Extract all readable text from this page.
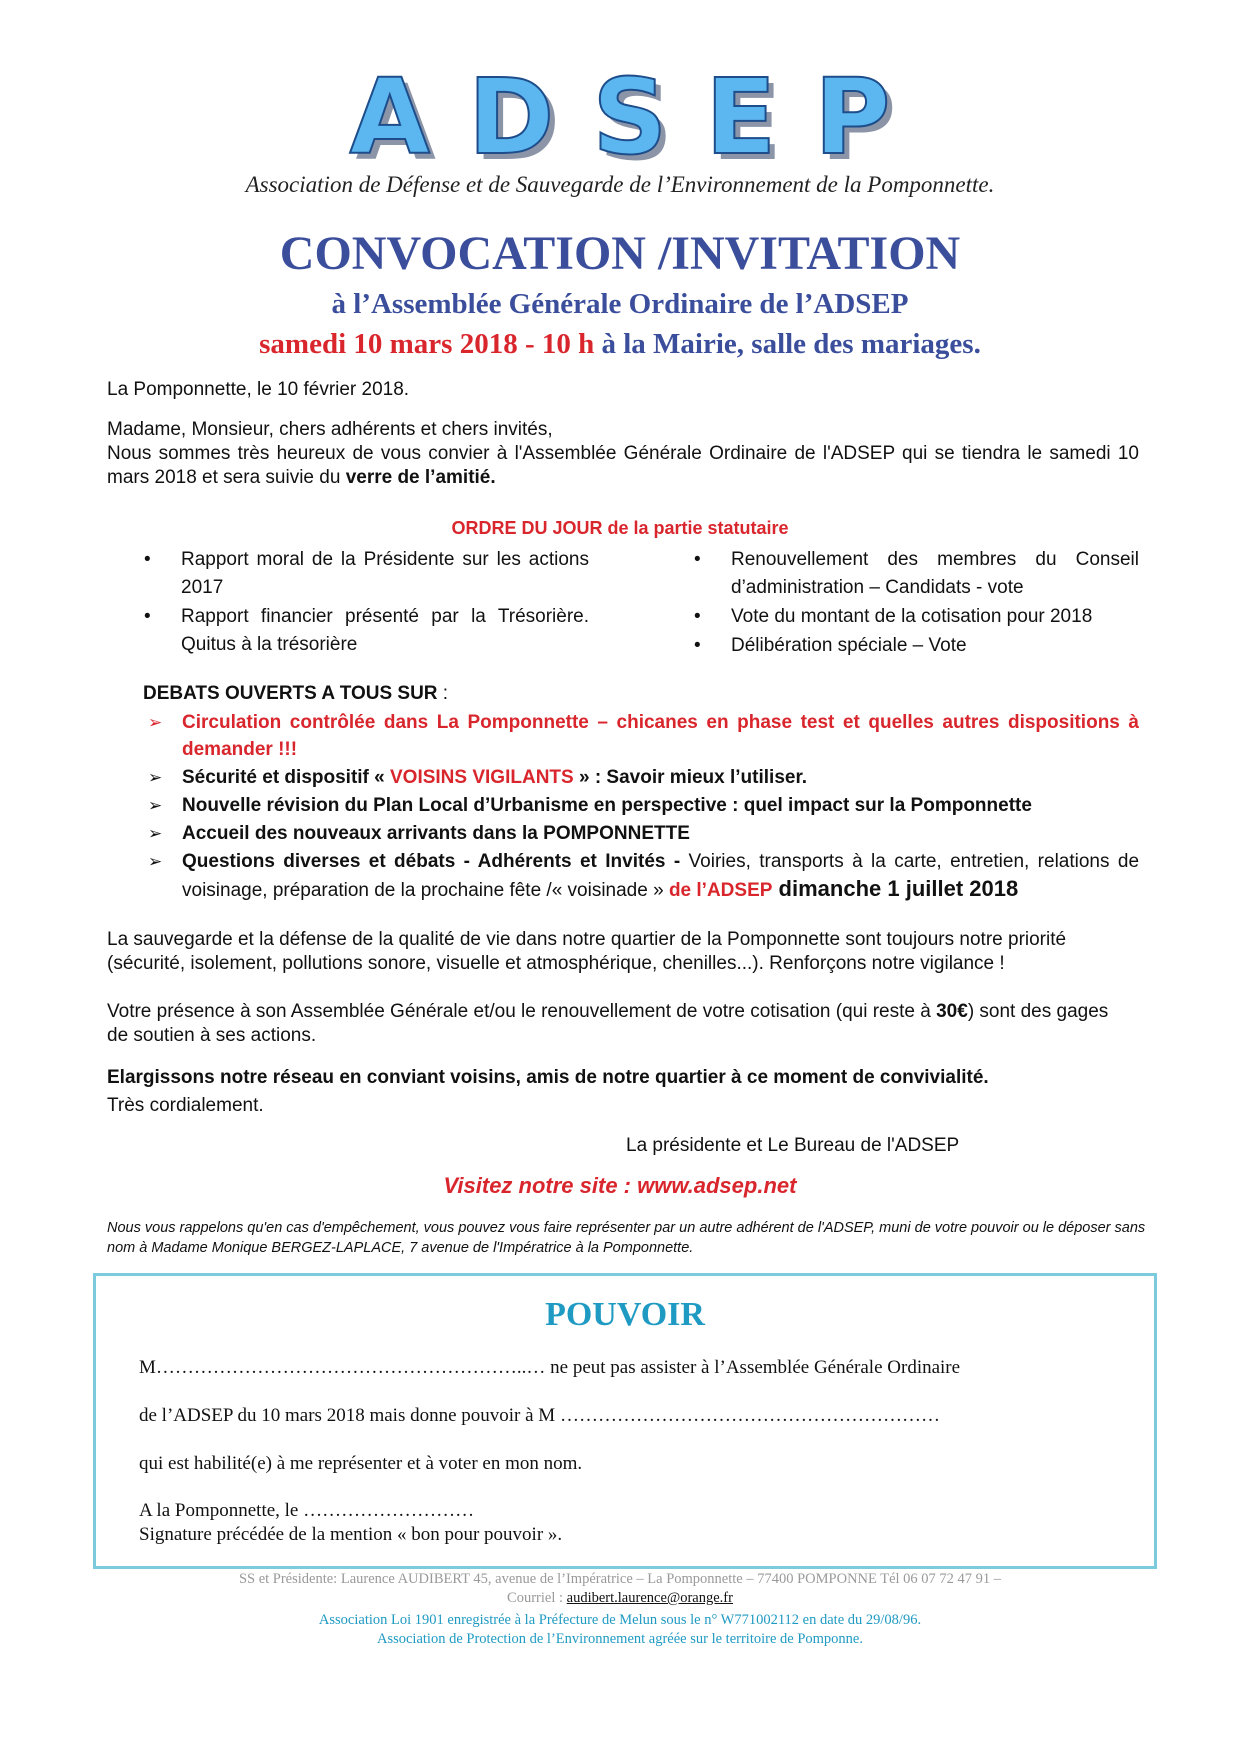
ADSEP
Association de Défense et de Sauvegarde de l’Environnement de la Pomponnette.
CONVOCATION /INVITATION
à l’Assemblée Générale Ordinaire de l’ADSEP
samedi 10 mars 2018 - 10 h à la Mairie, salle des mariages.
La Pomponnette, le 10 février 2018.
Madame, Monsieur, chers adhérents et chers invités,
Nous sommes très heureux de vous convier à l'Assemblée Générale Ordinaire de l'ADSEP qui se tiendra le samedi 10 mars 2018 et sera suivie du verre de l’amitié.
ORDRE DU JOUR de la partie statutaire
• Rapport moral de la Présidente sur les actions 2017
• Rapport financier présenté par la Trésorière. Quitus à la trésorière
• Renouvellement des membres du Conseil d’administration – Candidats - vote
• Vote du montant de la cotisation pour 2018
• Délibération spéciale – Vote
DEBATS OUVERTS A TOUS SUR :
➢ Circulation contrôlée dans La Pomponnette – chicanes en phase test et quelles autres dispositions à demander !!!
➢ Sécurité et dispositif « VOISINS VIGILANTS » : Savoir mieux l’utiliser.
➢ Nouvelle révision du Plan Local d’Urbanisme en perspective : quel impact sur la Pomponnette
➢ Accueil des nouveaux arrivants dans la POMPONNETTE
➢ Questions diverses et débats - Adhérents et Invités - Voiries, transports à la carte, entretien, relations de voisinage, préparation de la prochaine fête /« voisinade » de l’ADSEP dimanche 1 juillet 2018
La sauvegarde et la défense de la qualité de vie dans notre quartier de la Pomponnette sont toujours notre priorité (sécurité, isolement, pollutions sonore, visuelle et atmosphérique, chenilles...). Renforçons notre vigilance !
Votre présence à son Assemblée Générale et/ou le renouvellement de votre cotisation (qui reste à 30€) sont des gages de soutien à ses actions.
Elargissons notre réseau en conviant voisins, amis de notre quartier à ce moment de convivialité.
Très cordialement.
La présidente et Le Bureau de l'ADSEP
Visitez notre site : www.adsep.net
Nous vous rappelons qu'en cas d'empêchement, vous pouvez vous faire représenter par un autre adhérent de l'ADSEP, muni de votre pouvoir ou le déposer sans nom à Madame Monique BERGEZ-LAPLACE, 7 avenue de l'Impératrice à la Pomponnette.
POUVOIR
M…………………………………………………..… ne peut pas assister à l’Assemblée Générale Ordinaire
de l’ADSEP du 10 mars 2018 mais donne pouvoir à M ……………………………………………………
qui est habilité(e) à me représenter et à voter en mon nom.
A la Pomponnette, le ………………………
Signature précédée de la mention « bon pour pouvoir ».
SS et Présidente: Laurence AUDIBERT 45, avenue de l’Impératrice – La Pomponnette – 77400 POMPONNE Tél 06 07 72 47 91 –
Courriel : audibert.laurence@orange.fr
Association Loi 1901 enregistrée à la Préfecture de Melun sous le n° W771002112 en date du 29/08/96.
Association de Protection de l’Environnement agréée sur le territoire de Pomponne.
